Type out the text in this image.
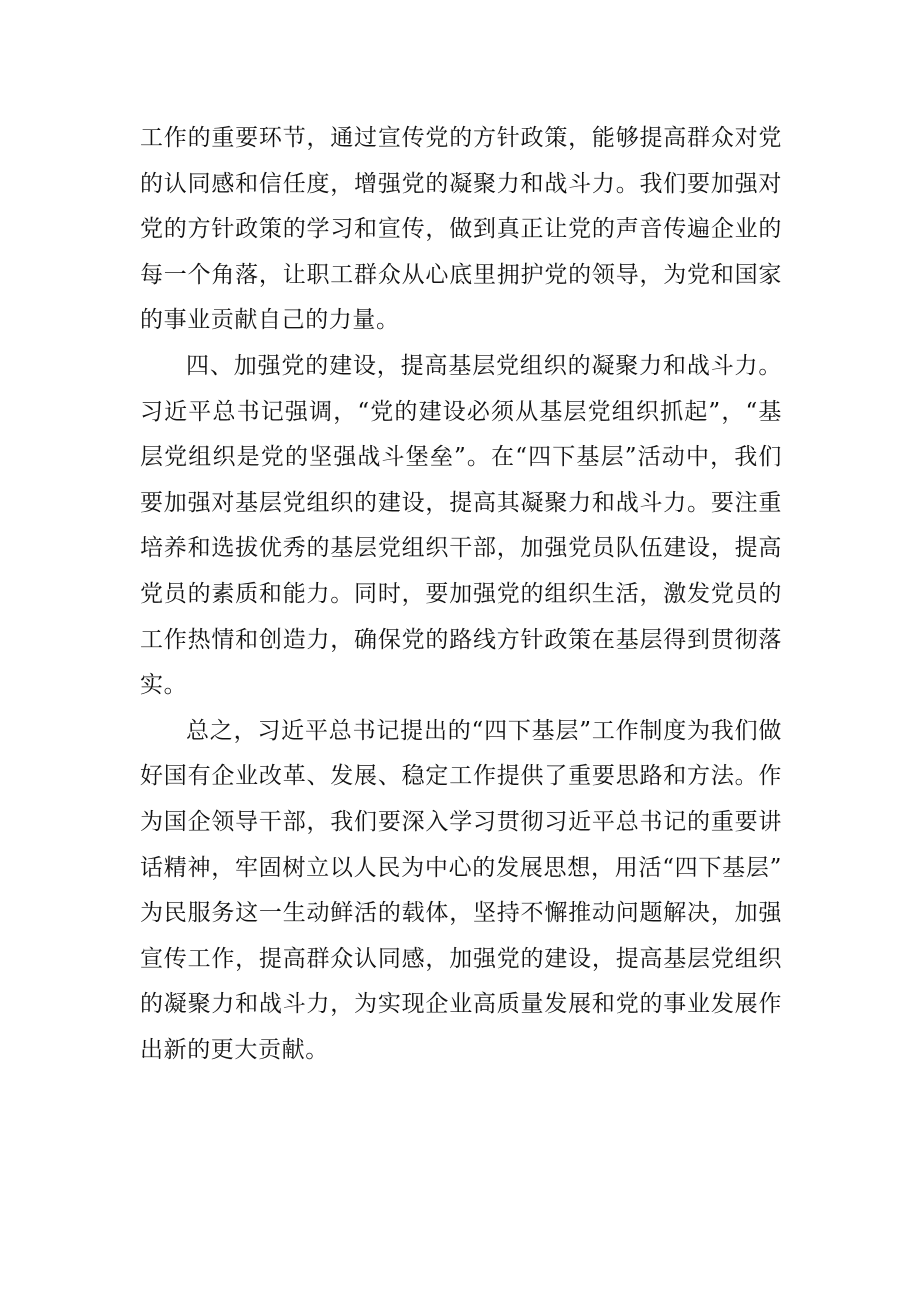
工作的重要环节，通过宣传党的方针政策，能够提高群众对党的认同感和信任度，增强党的凝聚力和战斗力。我们要加强对党的方针政策的学习和宣传，做到真正让党的声音传遍企业的每一个角落，让职工群众从心底里拥护党的领导，为党和国家的事业贡献自己的力量。

四、加强党的建设，提高基层党组织的凝聚力和战斗力。习近平总书记强调，“党的建设必须从基层党组织抓起”，“基层党组织是党的坚强战斗堡垒”。在“四下基层”活动中，我们要加强对基层党组织的建设，提高其凝聚力和战斗力。要注重培养和选拔优秀的基层党组织干部，加强党员队伍建设，提高党员的素质和能力。同时，要加强党的组织生活，激发党员的工作热情和创造力，确保党的路线方针政策在基层得到贯彻落实。

总之，习近平总书记提出的“四下基层”工作制度为我们做好国有企业改革、发展、稳定工作提供了重要思路和方法。作为国企领导干部，我们要深入学习贯彻习近平总书记的重要讲话精神，牢固树立以人民为中心的发展思想，用活“四下基层”为民服务这一生动鲜活的载体，坚持不懈推动问题解决，加强宣传工作，提高群众认同感，加强党的建设，提高基层党组织的凝聚力和战斗力，为实现企业高质量发展和党的事业发展作出新的更大贡献。
